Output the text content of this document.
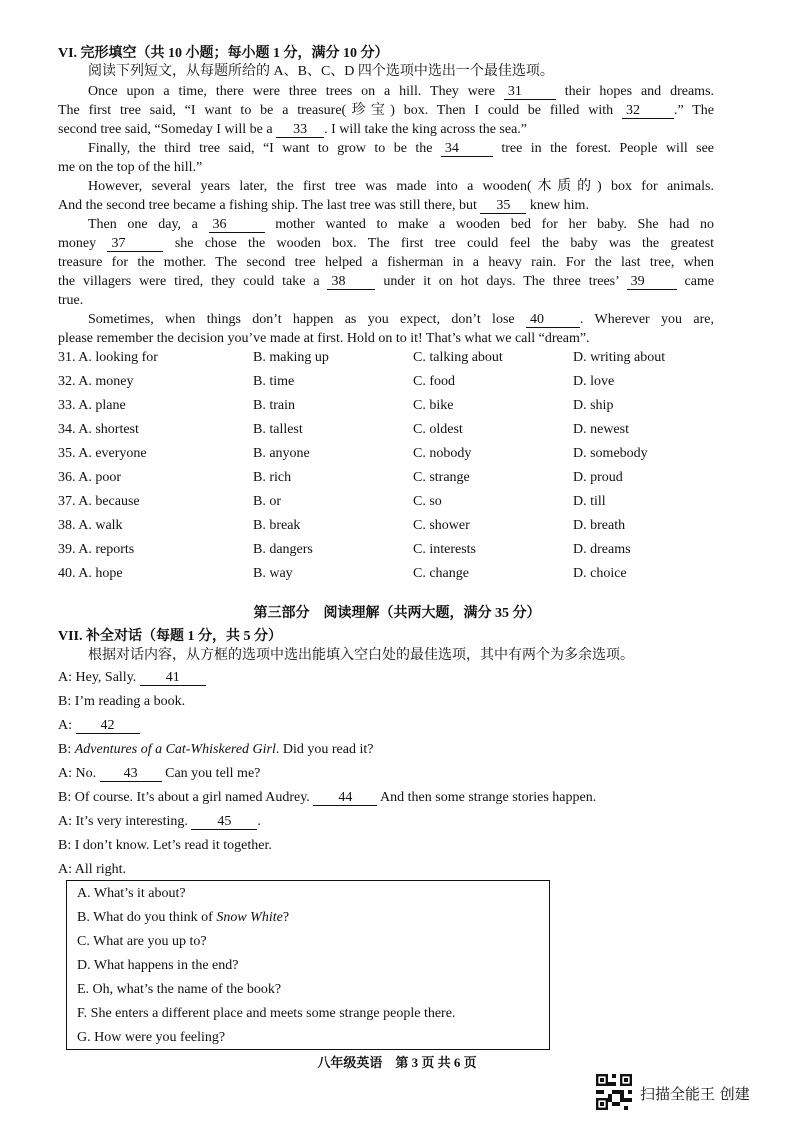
VI. 完形填空（共 10 小题；每小题 1 分，满分 10 分）
阅读下列短文，从每题所给的 A、B、C、D 四个选项中选出一个最佳选项。
Once upon a time, there were three trees on a hill. They were 31	their hopes and dreams.
The first tree said, “I want to be a treasure(珍宝) box. Then I could be filled with 32 .” The
second tree said, “Someday I will be a 33 . I will take the king across the sea.”
Finally, the third tree said, “I want to grow to be the 34	tree in the forest. People will see
me on the top of the hill.”
However, several years later, the first tree was made into a wooden(木质的) box for animals.
And the second tree became a fishing ship. The last tree was still there, but 35 knew him.
Then one day, a 36	mother wanted to make a wooden bed for her baby. She had no
money 37	she chose the wooden box. The first tree could feel the baby was the greatest
treasure for the mother. The second tree helped a fisherman in a heavy rain. For the last tree, when
the villagers were tired, they could take a 38	under it on hot days. The three trees’ 39	came
true.
Sometimes, when things don’t happen as you expect, don’t lose 40	. Wherever you are,
please remember the decision you’ve made at first. Hold on to it! That’s what we call “dream”.
31. A. looking for	B. making up	C. talking about	D. writing about
32. A. money	B. time	C. food	D. love
33. A. plane	B. train	C. bike	D. ship
34. A. shortest	B. tallest	C. oldest	D. newest
35. A. everyone	B. anyone	C. nobody	D. somebody
36. A. poor	B. rich	C. strange	D. proud
37. A. because	B. or	C. so	D. till
38. A. walk	B. break	C. shower	D. breath
39. A. reports	B. dangers	C. interests	D. dreams
40. A. hope	B. way	C. change	D. choice
第三部分　阅读理解（共两大题，满分 35 分）
VII. 补全对话（每题 1 分，共 5 分）
根据对话内容，从方框的选项中选出能填入空白处的最佳选项，其中有两个为多余选项。
A: Hey, Sally. 41
B: I’m reading a book.
A: 42
B: Adventures of a Cat-Whiskered Girl. Did you read it?
A: No. 43 Can you tell me?
B: Of course. It’s about a girl named Audrey. 44 And then some strange stories happen.
A: It’s very interesting. 45 .
B: I don’t know. Let’s read it together.
A: All right.
A. What’s it about?
B. What do you think of Snow White?
C. What are you up to?
D. What happens in the end?
E. Oh, what’s the name of the book?
F. She enters a different place and meets some strange people there.
G. How were you feeling?
八年级英语　第 3 页 共 6 页
扫描全能王 创建
